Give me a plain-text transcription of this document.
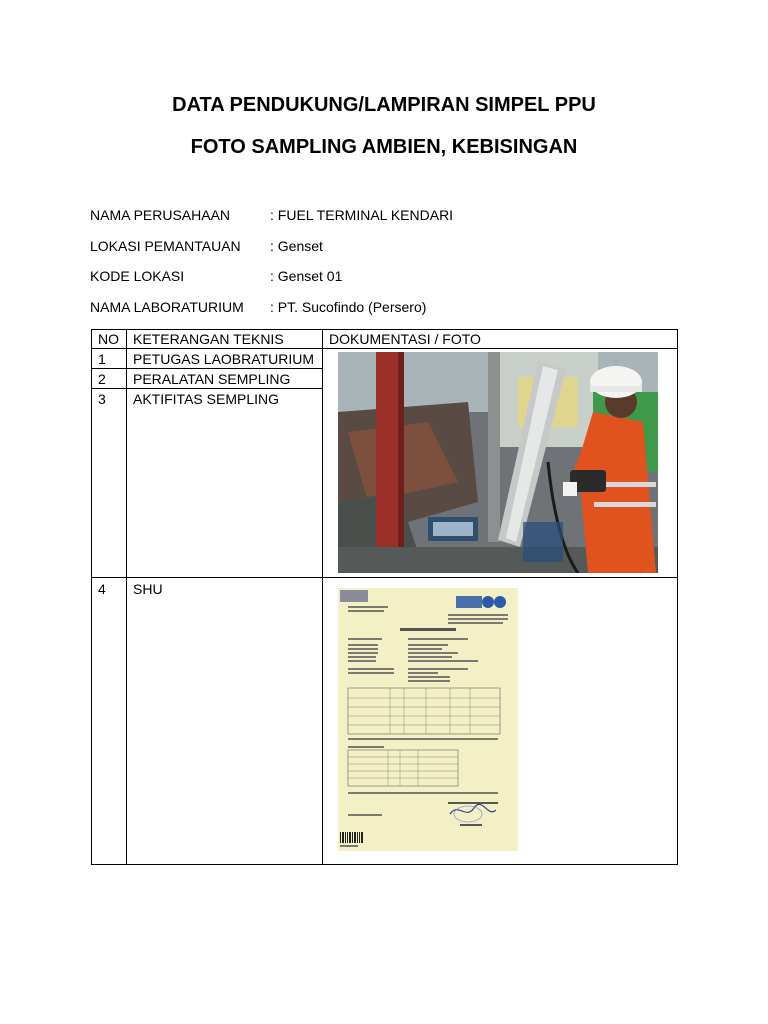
DATA PENDUKUNG/LAMPIRAN SIMPEL PPU
FOTO SAMPLING AMBIEN, KEBISINGAN
NAMA PERUSAHAAN	: FUEL TERMINAL KENDARI
LOKASI PEMANTAUAN : Genset
KODE LOKASI	: Genset 01
NAMA LABORATURIUM : PT. Sucofindo (Persero)
NO KETERANGAN TEKNIS	DOKUMENTASI / FOTO
1 PETUGAS LAOBRATURIUM
2 PERALATAN SEMPLING
3 AKTIFITAS SEMPLING
4 SHU
